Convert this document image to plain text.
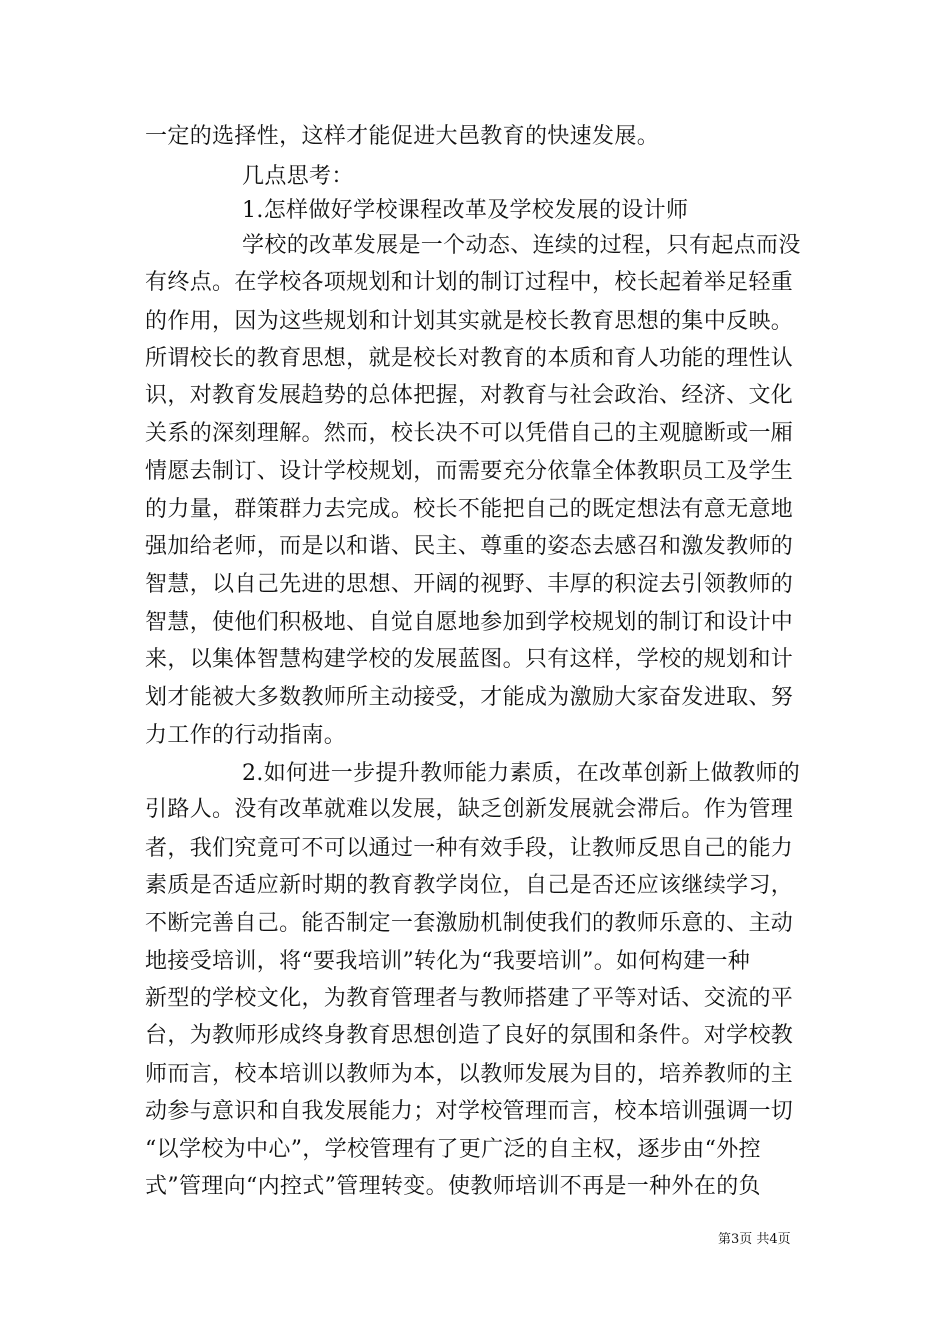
一定的选择性，这样才能促进大邑教育的快速发展。
几点思考：
1.怎样做好学校课程改革及学校发展的设计师
学校的改革发展是一个动态、连续的过程，只有起点而没
有终点。在学校各项规划和计划的制订过程中，校长起着举足轻重
的作用，因为这些规划和计划其实就是校长教育思想的集中反映。
所谓校长的教育思想，就是校长对教育的本质和育人功能的理性认
识，对教育发展趋势的总体把握，对教育与社会政治、经济、文化
关系的深刻理解。然而，校长决不可以凭借自己的主观臆断或一厢
情愿去制订、设计学校规划，而需要充分依靠全体教职员工及学生
的力量，群策群力去完成。校长不能把自己的既定想法有意无意地
强加给老师，而是以和谐、民主、尊重的姿态去感召和激发教师的
智慧，以自己先进的思想、开阔的视野、丰厚的积淀去引领教师的
智慧，使他们积极地、自觉自愿地参加到学校规划的制订和设计中
来，以集体智慧构建学校的发展蓝图。只有这样，学校的规划和计
划才能被大多数教师所主动接受，才能成为激励大家奋发进取、努
力工作的行动指南。
2.如何进一步提升教师能力素质，在改革创新上做教师的
引路人。没有改革就难以发展，缺乏创新发展就会滞后。作为管理
者，我们究竟可不可以通过一种有效手段，让教师反思自己的能力
素质是否适应新时期的教育教学岗位，自己是否还应该继续学习，
不断完善自己。能否制定一套激励机制使我们的教师乐意的、主动
地接受培训，将“要我培训”转化为“我要培训”。如何构建一种
新型的学校文化，为教育管理者与教师搭建了平等对话、交流的平
台，为教师形成终身教育思想创造了良好的氛围和条件。对学校教
师而言，校本培训以教师为本，以教师发展为目的，培养教师的主
动参与意识和自我发展能力；对学校管理而言，校本培训强调一切
“以学校为中心”，学校管理有了更广泛的自主权，逐步由“外控
式”管理向“内控式”管理转变。使教师培训不再是一种外在的负
第3页 共4页
